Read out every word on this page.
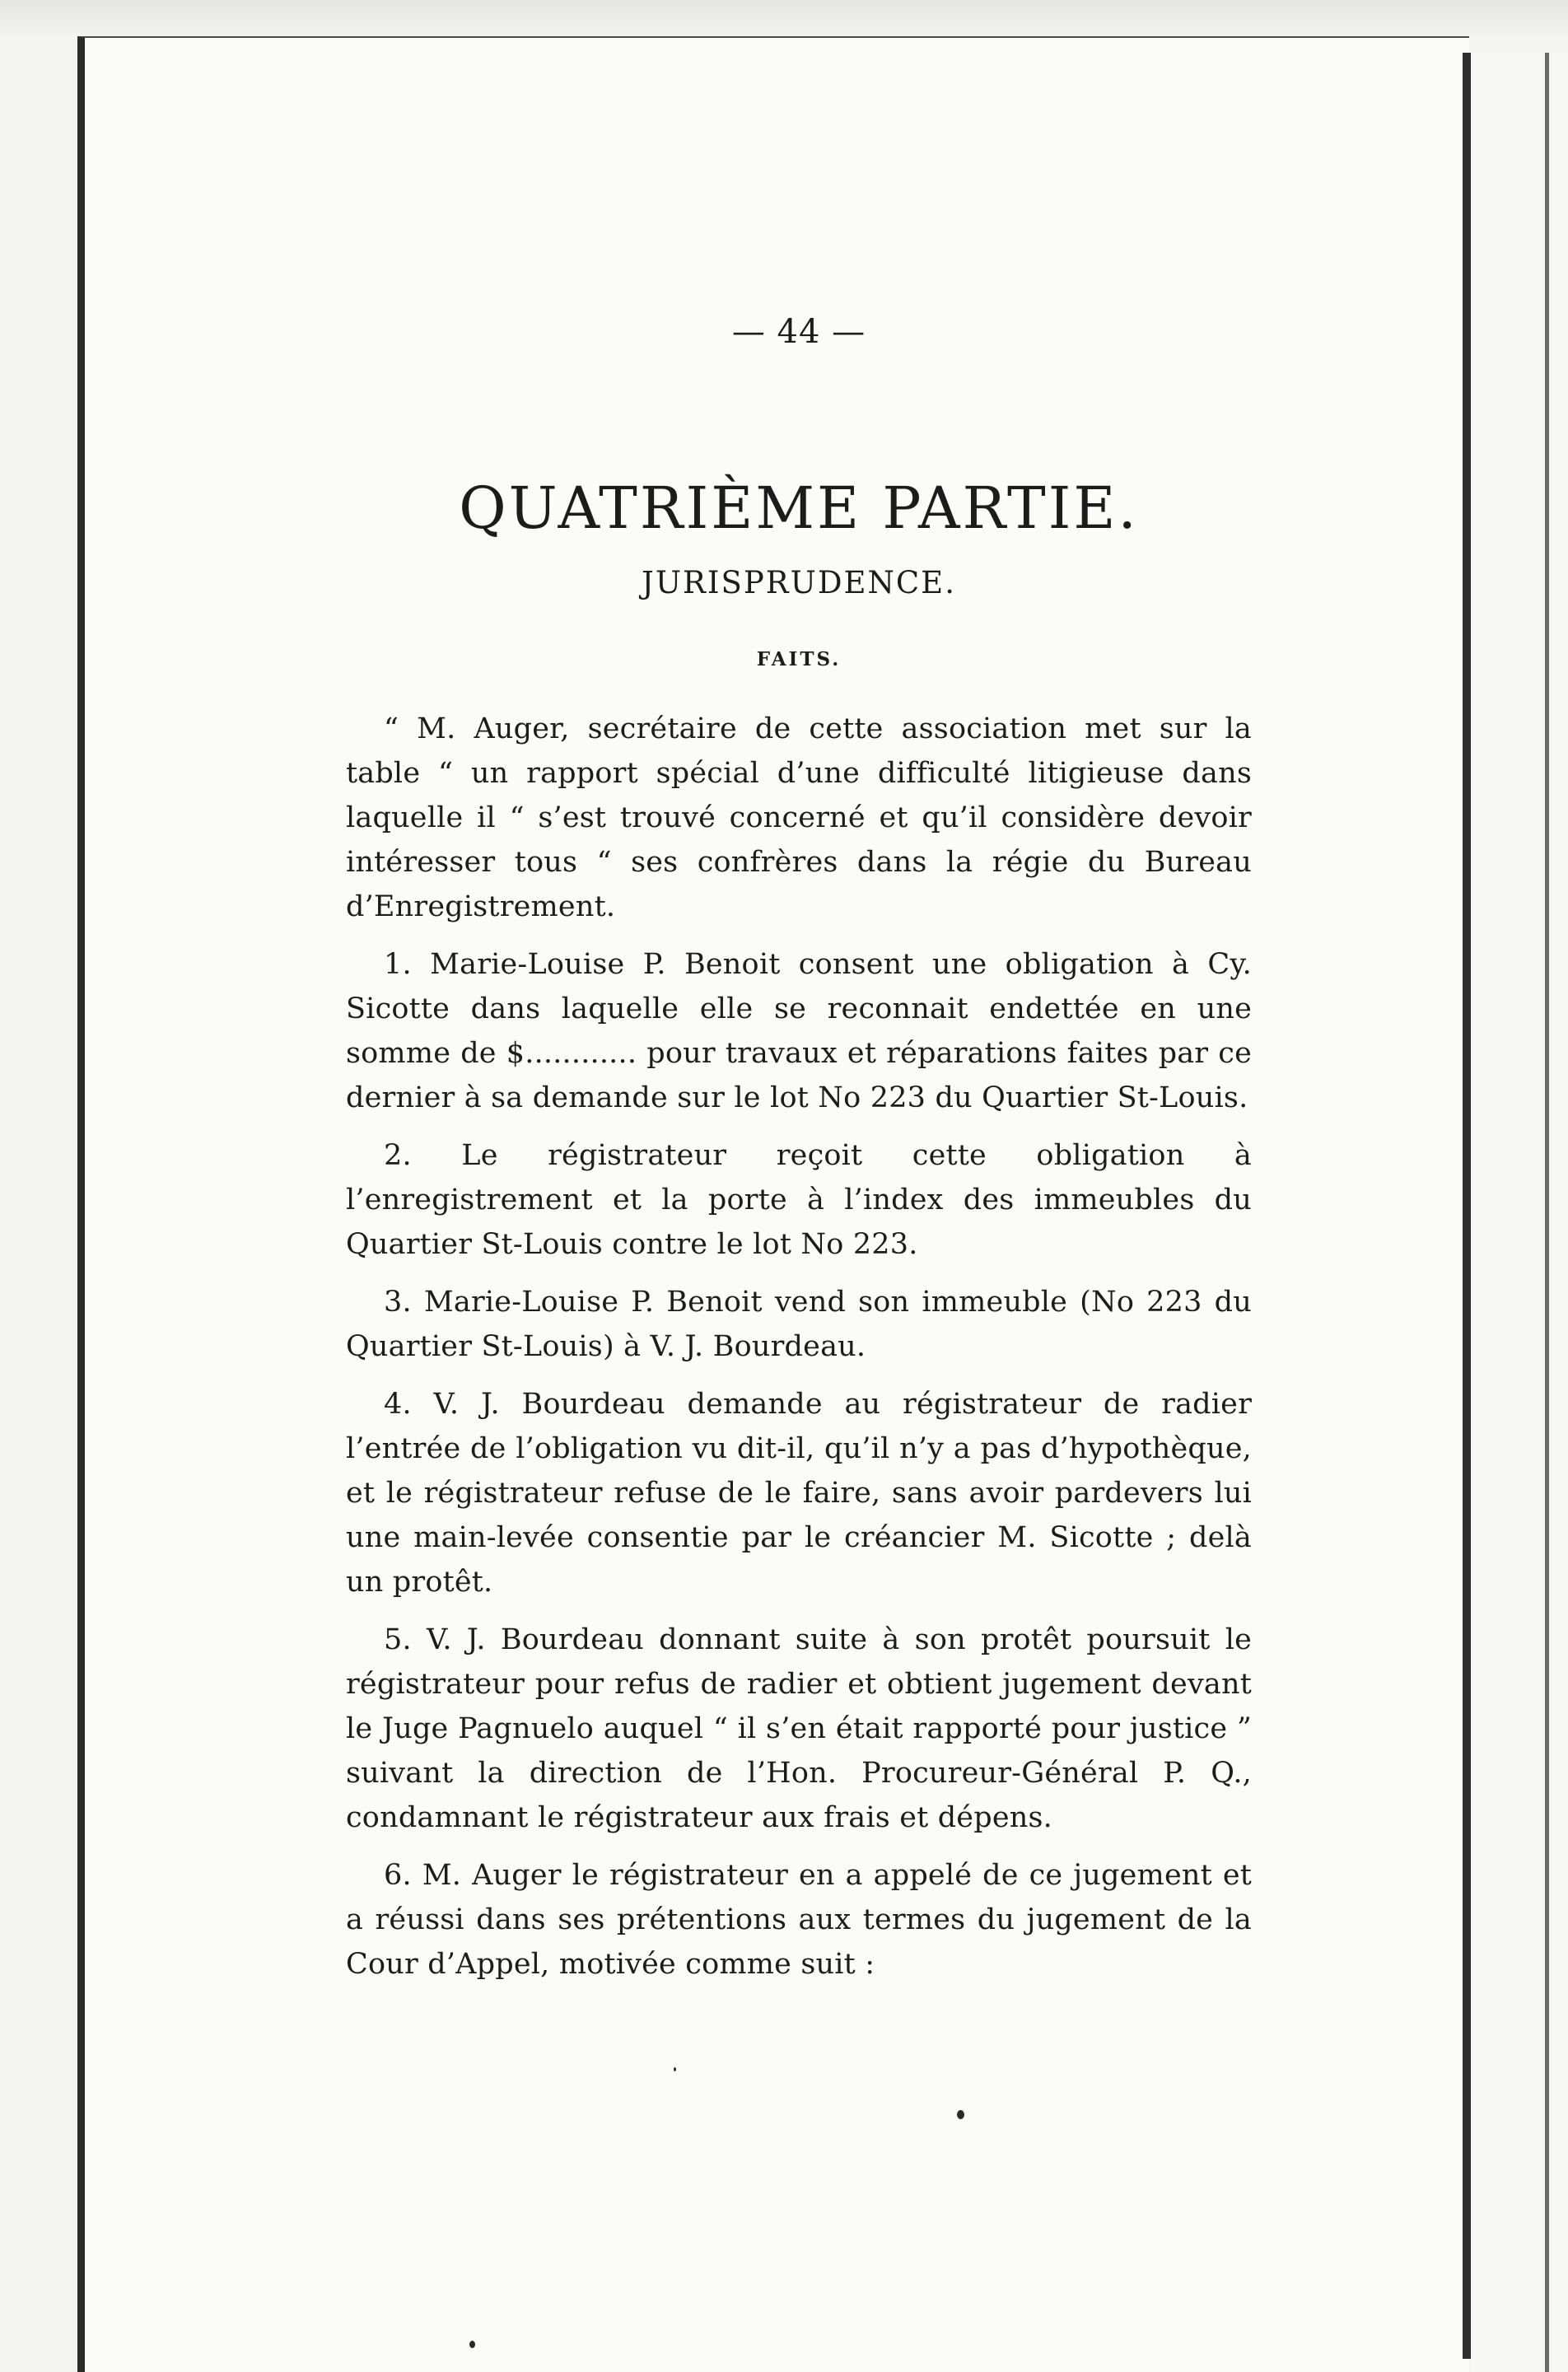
— 44 —
QUATRIÈME PARTIE.
JURISPRUDENCE.
FAITS.

“ M. Auger, secrétaire de cette association met sur la table “ un rapport spécial d’une difficulté litigieuse dans laquelle il “ s’est trouvé concerné et qu’il considère devoir intéresser tous “ ses confrères dans la régie du Bureau d’Enregistrement.

1. Marie-Louise P. Benoit consent une obligation à Cy. Sicotte dans laquelle elle se reconnait endettée en une somme de $............ pour travaux et réparations faites par ce dernier à sa demande sur le lot No 223 du Quartier St-Louis.

2. Le régistrateur reçoit cette obligation à l’enregistrement et la porte à l’index des immeubles du Quartier St-Louis contre le lot No 223.

3. Marie-Louise P. Benoit vend son immeuble (No 223 du Quartier St-Louis) à V. J. Bourdeau.

4. V. J. Bourdeau demande au régistrateur de radier l’entrée de l’obligation vu dit-il, qu’il n’y a pas d’hypothèque, et le régistrateur refuse de le faire, sans avoir pardevers lui une main-levée consentie par le créancier M. Sicotte ; delà un protêt.

5. V. J. Bourdeau donnant suite à son protêt poursuit le régistrateur pour refus de radier et obtient jugement devant le Juge Pagnuelo auquel “ il s’en était rapporté pour justice ” suivant la direction de l’Hon. Procureur-Général P. Q., condamnant le régistrateur aux frais et dépens.

6. M. Auger le régistrateur en a appelé de ce jugement et a réussi dans ses prétentions aux termes du jugement de la Cour d’Appel, motivée comme suit :
